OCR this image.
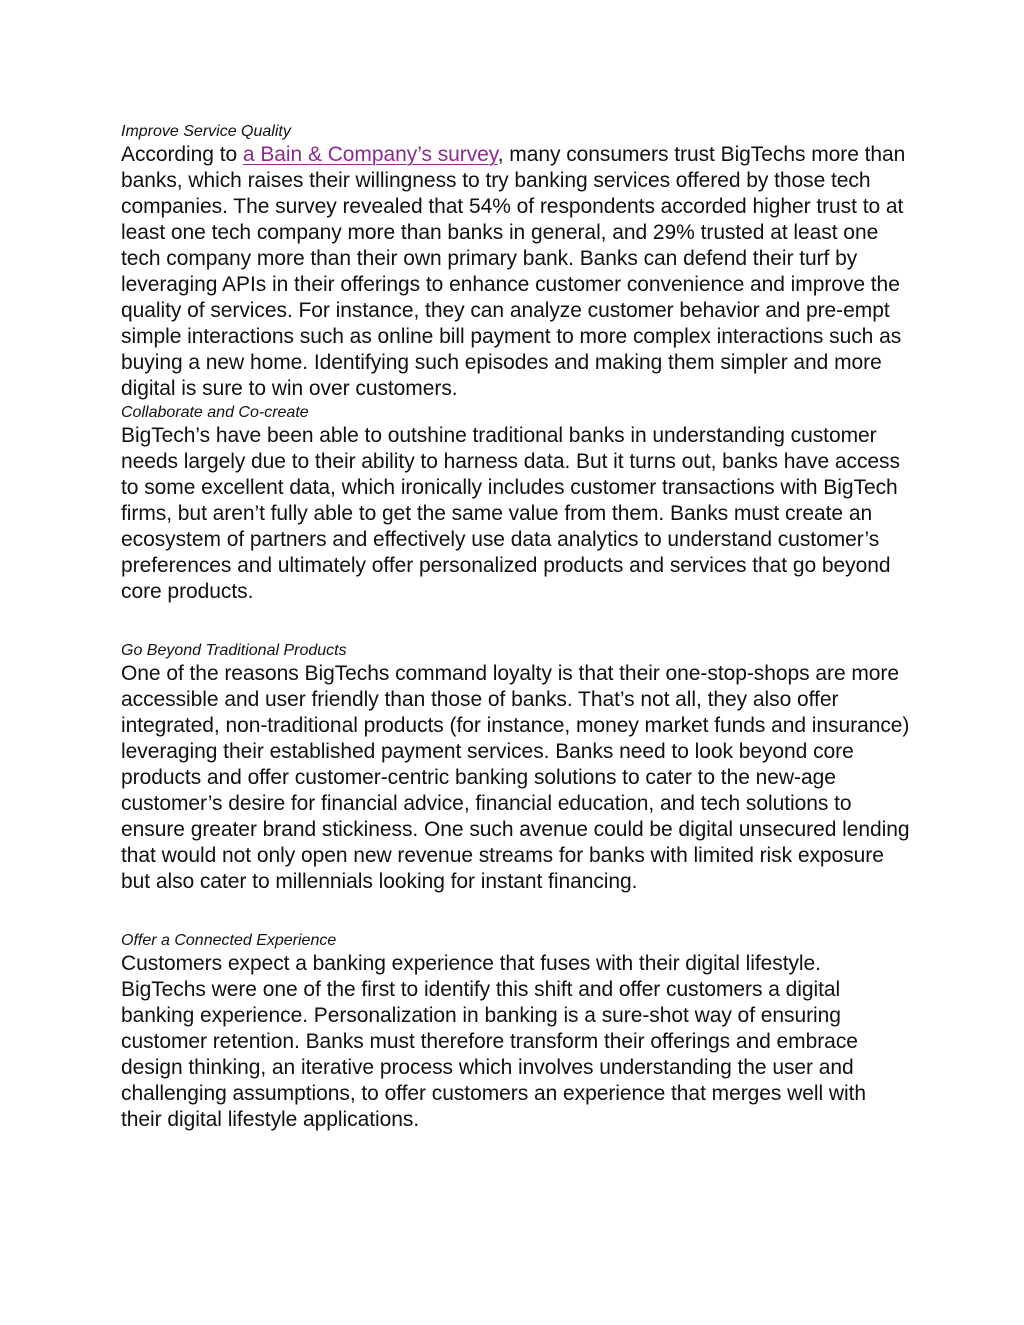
Improve Service Quality

According to a Bain & Company’s survey, many consumers trust BigTechs more than banks, which raises their willingness to try banking services offered by those tech companies. The survey revealed that 54% of respondents accorded higher trust to at least one tech company more than banks in general, and 29% trusted at least one tech company more than their own primary bank. Banks can defend their turf by leveraging APIs in their offerings to enhance customer convenience and improve the quality of services. For instance, they can analyze customer behavior and pre-empt simple interactions such as online bill payment to more complex interactions such as buying a new home. Identifying such episodes and making them simpler and more digital is sure to win over customers.

Collaborate and Co-create

BigTech’s have been able to outshine traditional banks in understanding customer needs largely due to their ability to harness data. But it turns out, banks have access to some excellent data, which ironically includes customer transactions with BigTech firms, but aren’t fully able to get the same value from them. Banks must create an ecosystem of partners and effectively use data analytics to understand customer’s preferences and ultimately offer personalized products and services that go beyond core products.

Go Beyond Traditional Products

One of the reasons BigTechs command loyalty is that their one-stop-shops are more accessible and user friendly than those of banks. That’s not all, they also offer integrated, non-traditional products (for instance, money market funds and insurance) leveraging their established payment services. Banks need to look beyond core products and offer customer-centric banking solutions to cater to the new-age customer’s desire for financial advice, financial education, and tech solutions to ensure greater brand stickiness. One such avenue could be digital unsecured lending that would not only open new revenue streams for banks with limited risk exposure but also cater to millennials looking for instant financing.

Offer a Connected Experience

Customers expect a banking experience that fuses with their digital lifestyle. BigTechs were one of the first to identify this shift and offer customers a digital banking experience. Personalization in banking is a sure-shot way of ensuring customer retention. Banks must therefore transform their offerings and embrace design thinking, an iterative process which involves understanding the user and challenging assumptions, to offer customers an experience that merges well with their digital lifestyle applications.
